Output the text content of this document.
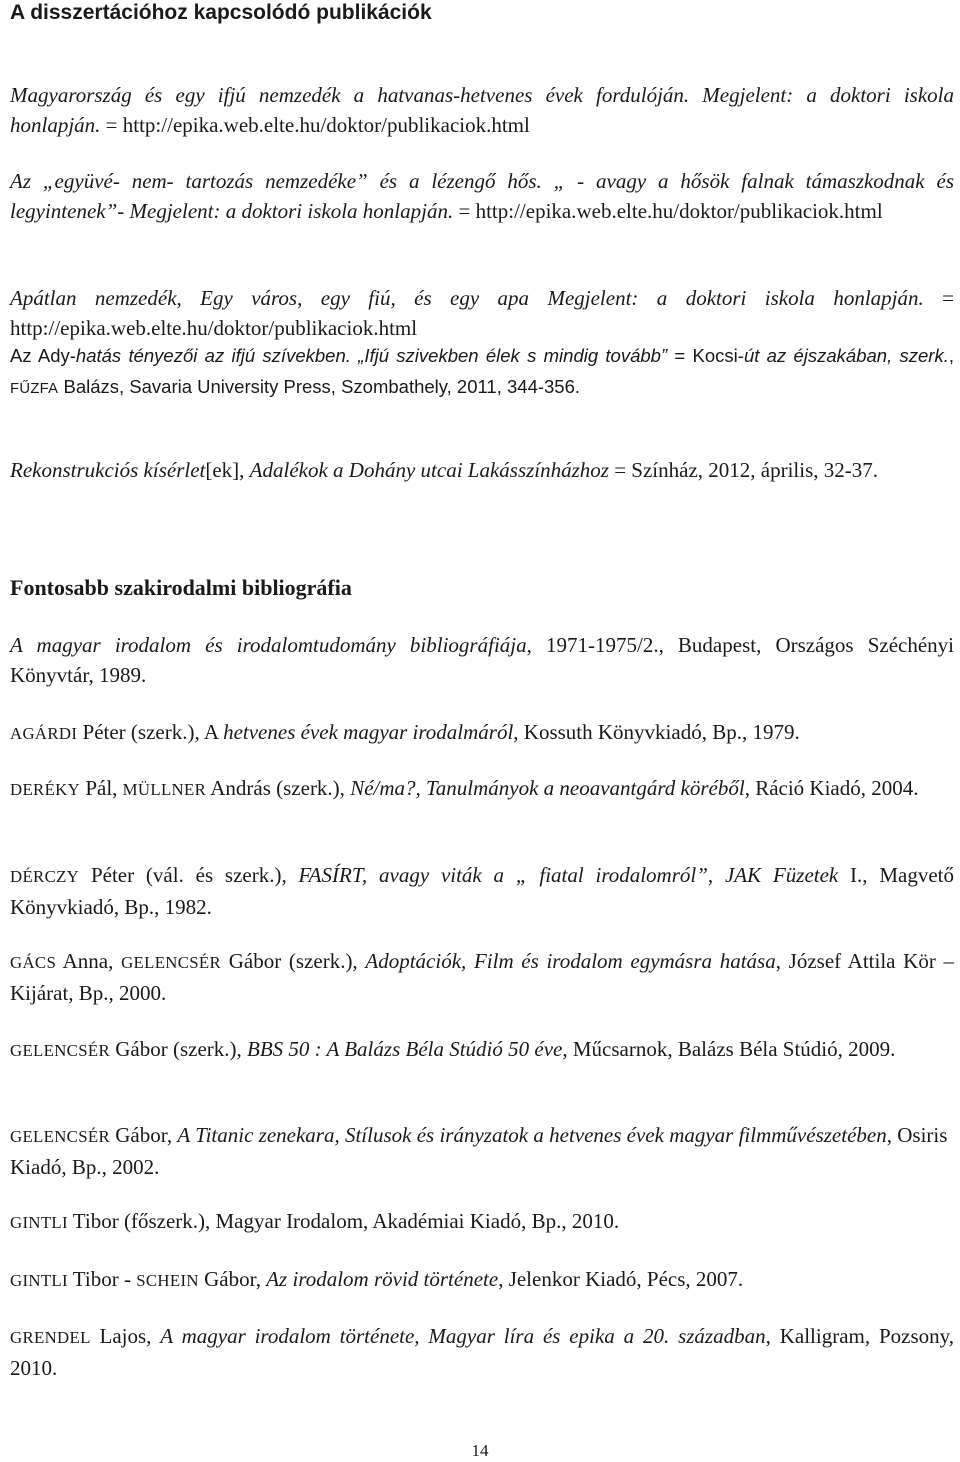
A disszertációhoz kapcsolódó publikációk
Magyarország és egy ifjú nemzedék a hatvanas-hetvenes évek fordulóján. Megjelent: a doktori iskola honlapján. = http://epika.web.elte.hu/doktor/publikaciok.html
Az „együvé- nem- tartozás nemzedéke” és a lézengő hős. „ - avagy a hősök falnak támaszkodnak és legyintenek”- Megjelent: a doktori iskola honlapján. = http://epika.web.elte.hu/doktor/publikaciok.html
Apátlan nemzedék, Egy város, egy fiú, és egy apa Megjelent: a doktori iskola honlapján. = http://epika.web.elte.hu/doktor/publikaciok.html
Az Ady-hatás tényezői az ifjú szívekben. „Ifjú szivekben élek s mindig tovább” = Kocsi-út az éjszakában, szerk., FŰZFA Balázs, Savaria University Press, Szombathely, 2011, 344-356.
Rekonstrukciós kísérlet[ek], Adalékok a Dohány utcai Lakásszínházhoz = Színház, 2012, április, 32-37.
Fontosabb szakirodalmi bibliográfia
A magyar irodalom és irodalomtudomány bibliográfiája, 1971-1975/2., Budapest, Országos Széchényi Könyvtár, 1989.
AGÁRDI Péter (szerk.), A hetvenes évek magyar irodalmáról, Kossuth Könyvkiadó, Bp., 1979.
DERÉKY Pál, MÜLLNER András (szerk.), Né/ma?, Tanulmányok a neoavantgárd köréből, Ráció Kiadó, 2004.
DÉRCZY Péter (vál. és szerk.), FASÍRT, avagy viták a „ fiatal irodalomról”, JAK Füzetek I., Magvető Könyvkiadó, Bp., 1982.
GÁCS Anna, GELENCSÉR Gábor (szerk.), Adoptációk, Film és irodalom egymásra hatása, József Attila Kör – Kijárat, Bp., 2000.
GELENCSÉR Gábor (szerk.), BBS 50 : A Balázs Béla Stúdió 50 éve, Műcsarnok, Balázs Béla Stúdió, 2009.
GELENCSÉR Gábor, A Titanic zenekara, Stílusok és irányzatok a hetvenes évek magyar filmművészetében, Osiris Kiadó, Bp., 2002.
GINTLI Tibor (főszerk.), Magyar Irodalom, Akadémiai Kiadó, Bp., 2010.
GINTLI Tibor - SCHEIN Gábor, Az irodalom rövid története, Jelenkor Kiadó, Pécs, 2007.
GRENDEL Lajos, A magyar irodalom története, Magyar líra és epika a 20. században, Kalligram, Pozsony, 2010.
14
